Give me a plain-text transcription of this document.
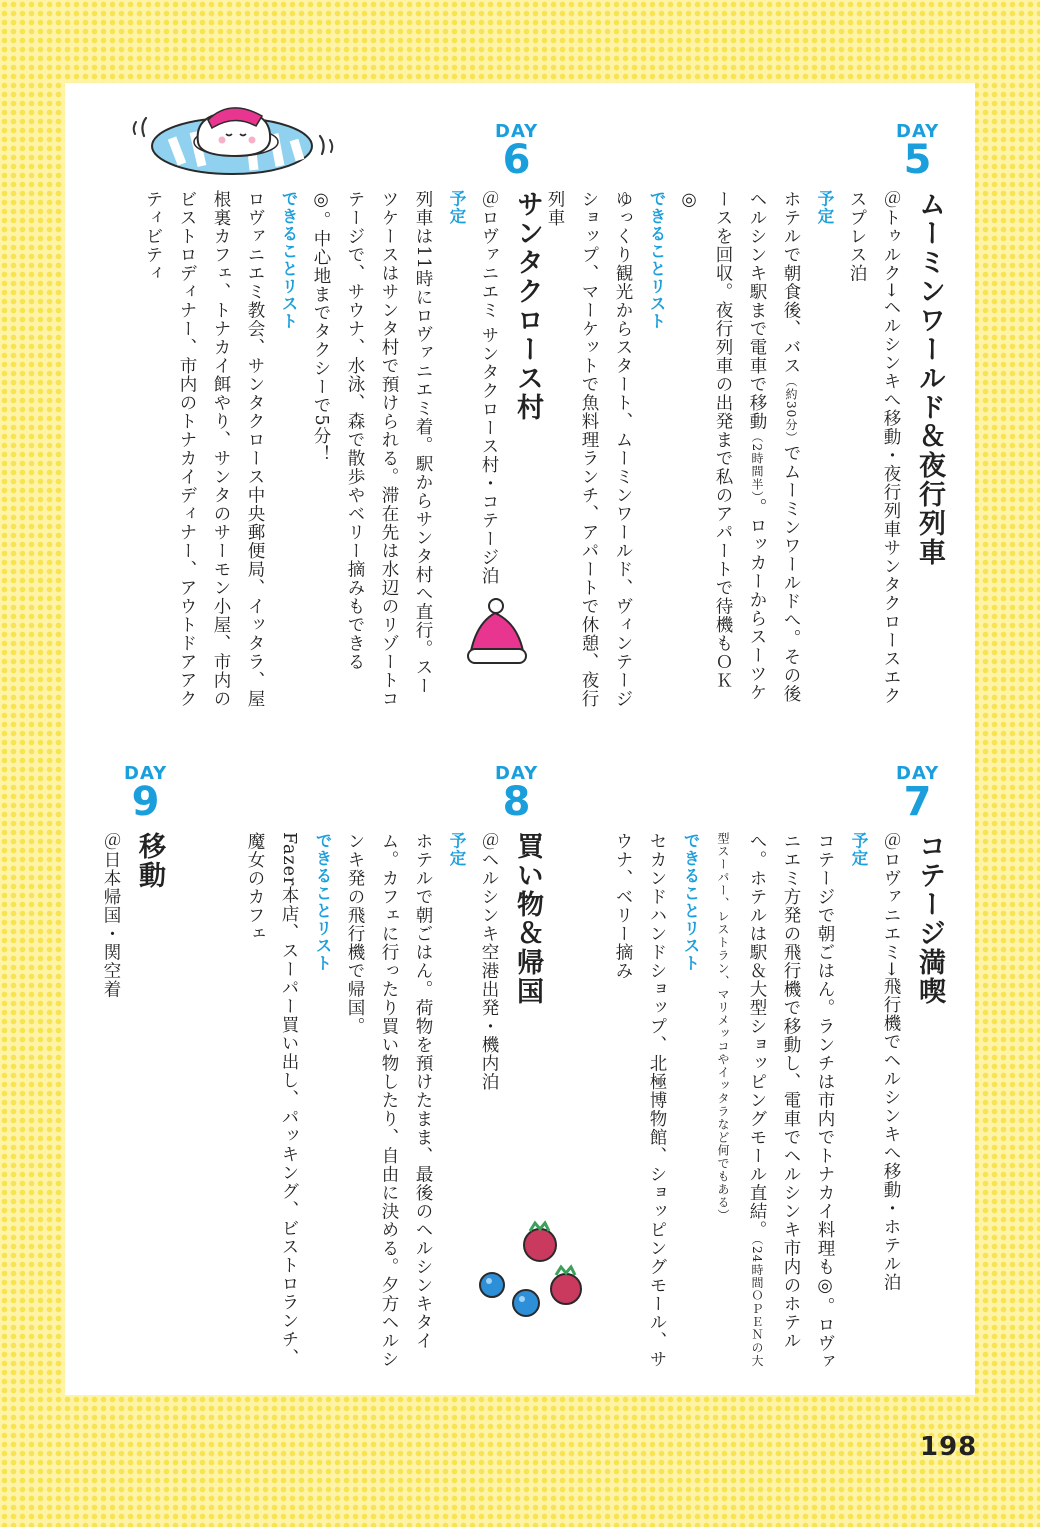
DAY
5
ムーミンワールド＆夜行列車
＠トゥルク→ヘルシンキへ移動・夜行列車サンタクロースエクスプレス泊
予定
ホテルで朝食後、バス（約30分）でムーミンワールドへ。その後ヘルシンキ駅まで電車で移動（2時間半）。ロッカーからスーツケースを回収。夜行列車の出発まで私のアパートで待機もＯＫ◎
できることリスト
ゆっくり観光からスタート、ムーミンワールド、ヴィンテージショップ、マーケットで魚料理ランチ、アパートで休憩、夜行列車
DAY
6
サンタクロース村
＠ロヴァニエミ サンタクロース村・コテージ泊
予定
列車は11時にロヴァニエミ着。駅からサンタ村へ直行。スーツケースはサンタ村で預けられる。滞在先は水辺のリゾートコテージで、サウナ、水泳、森で散歩やベリー摘みもできる◎。中心地までタクシーで5分！
できることリスト
ロヴァニエミ教会、サンタクロース中央郵便局、イッタラ、屋根裏カフェ、トナカイ餌やり、サンタのサーモン小屋、市内のビストロディナー、市内のトナカイディナー、アウトドアアクティビティ
DAY
7
コテージ満喫
＠ロヴァニエミ→飛行機でヘルシンキへ移動・ホテル泊
予定
コテージで朝ごはん。ランチは市内でトナカイ料理も◎。ロヴァニエミ方発の飛行機で移動し、電車でヘルシンキ市内のホテルへ。ホテルは駅＆大型ショッピングモール直結。（24時間ＯＰＥＮの大型スーパー、レストラン、マリメッコやイッタラなど何でもある）
できることリスト
セカンドハンドショップ、北極博物館、ショッピングモール、サウナ、ベリー摘み
DAY
8
買い物＆帰国
＠ヘルシンキ空港出発・機内泊
予定
ホテルで朝ごはん。荷物を預けたまま、最後のヘルシンキタイム。カフェに行ったり買い物したり、自由に決める。夕方ヘルシンキ発の飛行機で帰国。
できることリスト
Fazer本店、スーパー買い出し、パッキング、ビストロランチ、魔女のカフェ
DAY
9
移動
＠日本帰国・関空着
198
